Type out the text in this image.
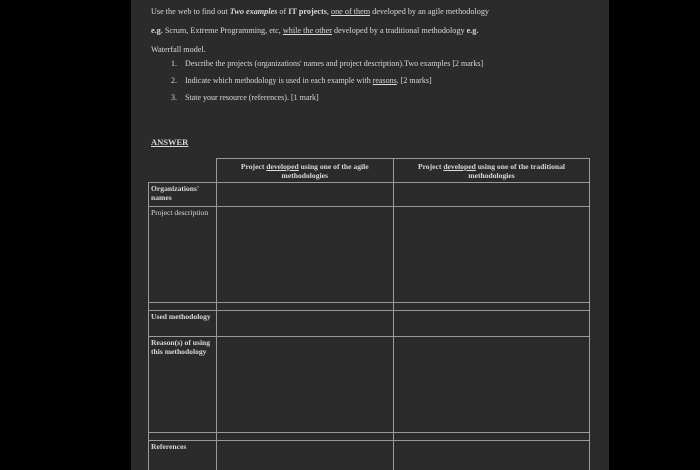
Use the web to find out Two examples of IT projects, one of them developed by an agile methodology
e.g. Scrum, Extreme Programming, etc, while the other developed by a traditional methodology e.g.
Waterfall model.
1. Describe the projects (organizations' names and project description).Two examples [2 marks]
2. Indicate which methodology is used in each example with reasons. [2 marks]
3. State your resource (references). [1 mark]
ANSWER
	Project developed using one of the agile methodologies	Project developed using one of the traditional methodologies
Organizations' names		
Project description		

Used methodology		
Reason(s) of using this methodology		

References		
